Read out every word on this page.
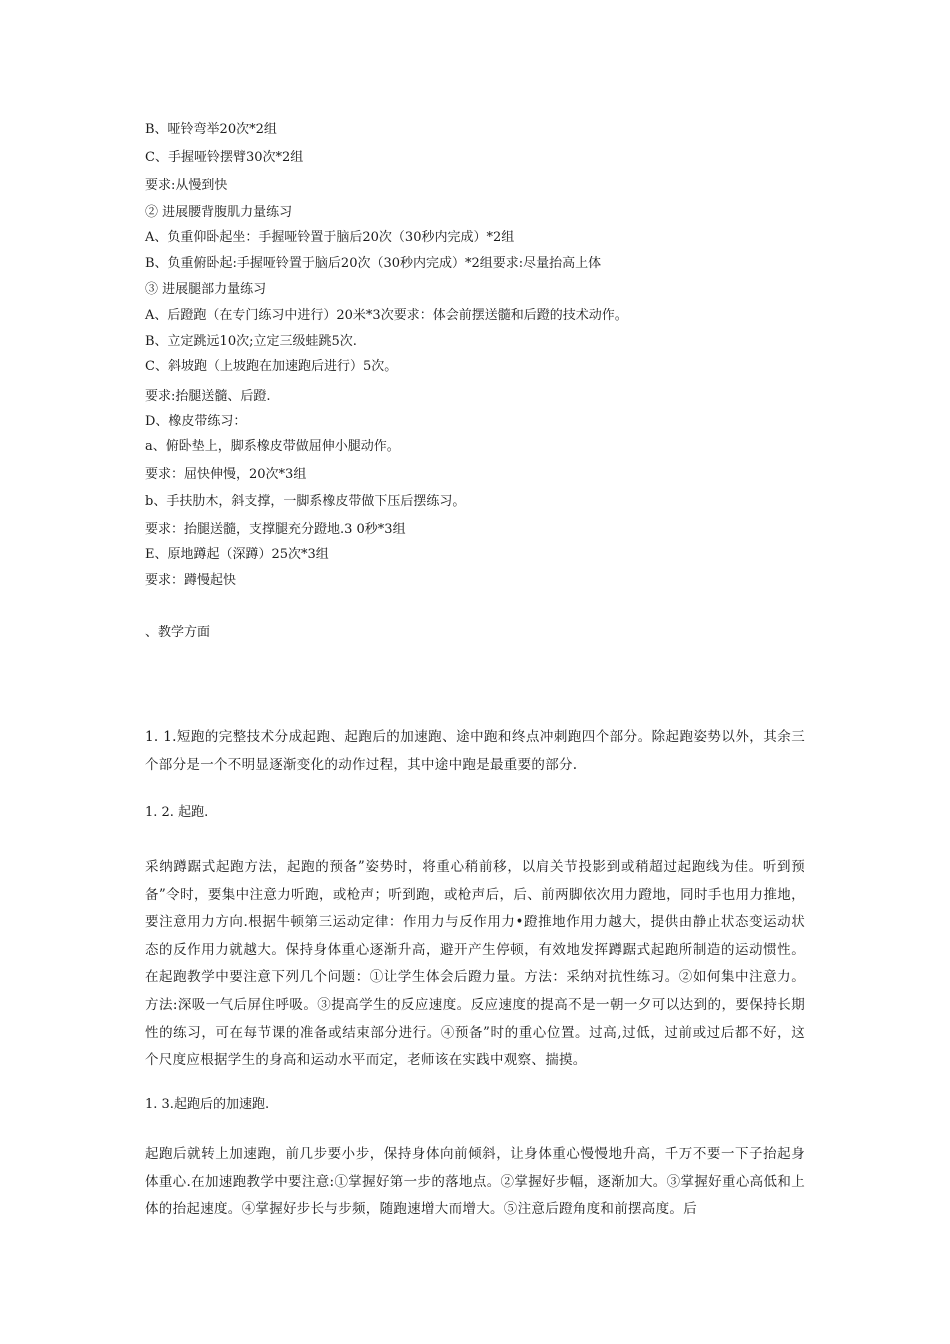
B、哑铃弯举20次*2组
C、手握哑铃摆臂30次*2组
要求:从慢到快
② 进展腰背腹肌力量练习
A、负重仰卧起坐：手握哑铃置于脑后20次（30秒内完成）*2组
B、负重俯卧起:手握哑铃置于脑后20次（30秒内完成）*2组要求:尽量抬高上体
③ 进展腿部力量练习
A、后蹬跑（在专门练习中进行）20米*3次要求：体会前摆送髓和后蹬的技术动作。
B、立定跳远10次;立定三级蛙跳5次.
C、斜坡跑（上坡跑在加速跑后进行）5次。
要求:抬腿送髓、后蹬.
D、橡皮带练习：
a、俯卧垫上，脚系橡皮带做屈伸小腿动作。
要求：屈快伸慢，20次*3组
b、手扶肋木，斜支撑，一脚系橡皮带做下压后摆练习。
要求：抬腿送髓，支撑腿充分蹬地.3 0秒*3组
E、原地蹲起（深蹲）25次*3组
要求：蹲慢起快
、教学方面
1. 1.短跑的完整技术分成起跑、起跑后的加速跑、途中跑和终点冲刺跑四个部分。除起跑姿势以外，其余三个部分是一个不明显逐渐变化的动作过程，其中途中跑是最重要的部分.
1. 2. 起跑.
采纳蹲踞式起跑方法，起跑的预备”姿势时，将重心稍前移，以肩关节投影到或稍超过起跑线为佳。听到预备”令时，要集中注意力听跑，或枪声；听到跑，或枪声后，后、前两脚依次用力蹬地，同时手也用力推地，要注意用力方向.根据牛顿第三运动定律：作用力与反作用力•蹬推地作用力越大，提供由静止状态变运动状态的反作用力就越大。保持身体重心逐渐升高，避开产生停顿，有效地发挥蹲踞式起跑所制造的运动惯性。在起跑教学中要注意下列几个问题：①让学生体会后蹬力量。方法：采纳对抗性练习。②如何集中注意力。方法:深吸一气后屏住呼吸。③提高学生的反应速度。反应速度的提高不是一朝一夕可以达到的，要保持长期性的练习，可在每节课的准备或结束部分进行。④预备”时的重心位置。过高,过低，过前或过后都不好，这个尺度应根据学生的身高和运动水平而定，老师该在实践中观察、揣摸。
1. 3.起跑后的加速跑.
起跑后就转上加速跑，前几步要小步，保持身体向前倾斜，让身体重心慢慢地升高，千万不要一下子抬起身体重心.在加速跑教学中要注意:①掌握好第一步的落地点。②掌握好步幅，逐渐加大。③掌握好重心高低和上体的抬起速度。④掌握好步长与步频，随跑速增大而增大。⑤注意后蹬角度和前摆高度。后
